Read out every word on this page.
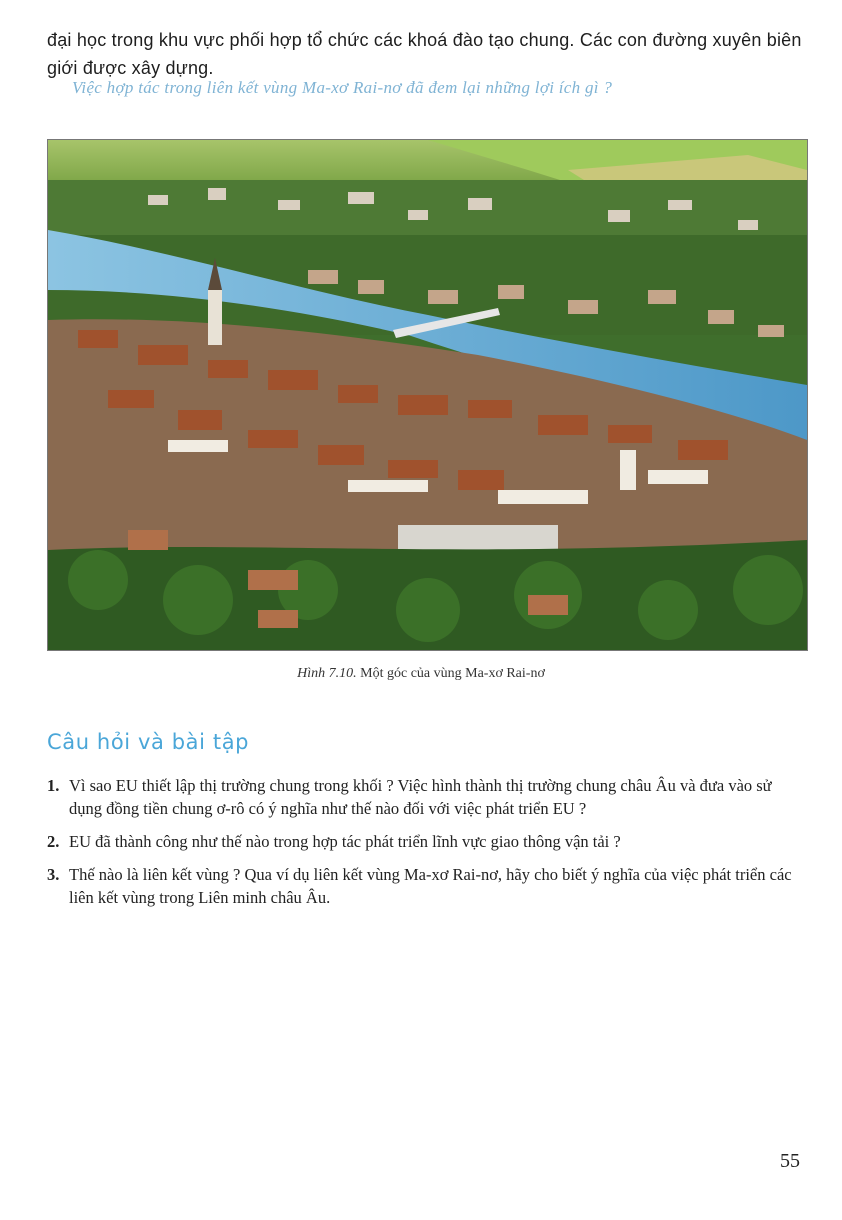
đại học trong khu vực phối hợp tổ chức các khoá đào tạo chung. Các con đường xuyên biên giới được xây dựng.

Việc hợp tác trong liên kết vùng Ma-xơ Rai-nơ đã đem lại những lợi ích gì ?
Hình 7.10. Một góc của vùng Ma-xơ Rai-nơ
Câu hỏi và bài tập
1. Vì sao EU thiết lập thị trường chung trong khối ? Việc hình thành thị trường chung châu Âu và đưa vào sử dụng đồng tiền chung ơ-rô có ý nghĩa như thế nào đối với việc phát triển EU ?
2. EU đã thành công như thế nào trong hợp tác phát triển lĩnh vực giao thông vận tải ?
3. Thế nào là liên kết vùng ? Qua ví dụ liên kết vùng Ma-xơ Rai-nơ, hãy cho biết ý nghĩa của việc phát triển các liên kết vùng trong Liên minh châu Âu.
55
